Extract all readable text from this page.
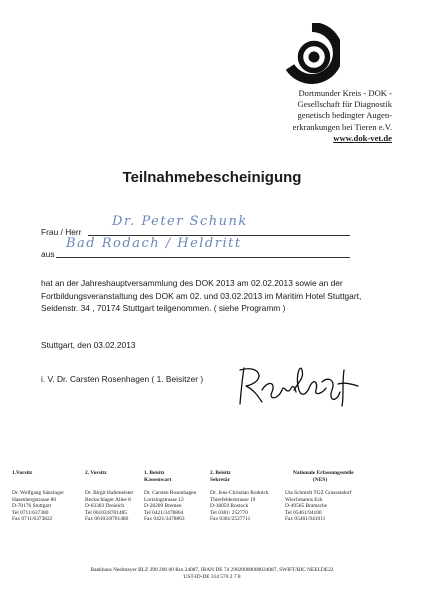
Dortmunder Kreis - DOK -
Gesellschaft für Diagnostik
genetisch bedingter Augen-
erkrankungen bei Tieren e.V.
www.dok-vet.de
Teilnahmebescheinigung
Frau / Herr
Dr. Peter Schunk
aus
Bad Rodach / Heldritt
hat an der Jahreshauptversammlung des DOK 2013 am 02.02.2013 sowie an der
Fortbildungsveranstaltung des DOK am 02. und 03.02.2013 im Maritim Hotel Stuttgart,
Seidenstr. 34 , 70174 Stuttgart teilgenommen. ( siehe Programm )
Stuttgart, den 03.02.2013
i. V. Dr. Carsten Rosenhagen ( 1. Beisitzer )
1.Vorsitz
Dr. Wolfgang Sänzinger
Hasenbergstrasse 80
D-70176 Stuttgart
Tel 0711/637380
Fax 0711/6373822
2. Vorsitz
Dr. Birgit Hafemeister
Beckschlager Allee 8
D-63303 Dreieich
Tel 06103/8701485
Fax 06103/8701486
1. Beisitz
Kassenwart
Dr. Carsten Rosenhagen
Lortzingstrasse 12
D-28209 Bremen
Tel 0421/3478864
Fax 0421/3478863
2. Beisitz
Sekretär
Dr. Jens-Christian Rodnick
Thierfelderstrasse 19
D-18059 Rostock
Tel 0381/ 252770
Fax 0381/2527711
Nationale Erfassungsstelle
(NES)
Uta Schmidt TGZ Grassendorf
Wiechmanns Eck
D-49565 Bramsche
Tel 05461/94100
Fax 05461/941011
Bankhaus Neelmeyer BLZ 290 200 00 Kto 24087, IBAN DE 74 29020000000024087, SWIFT/BIC NEELDE22
UST-ID-DE 314 570 2 7 8
